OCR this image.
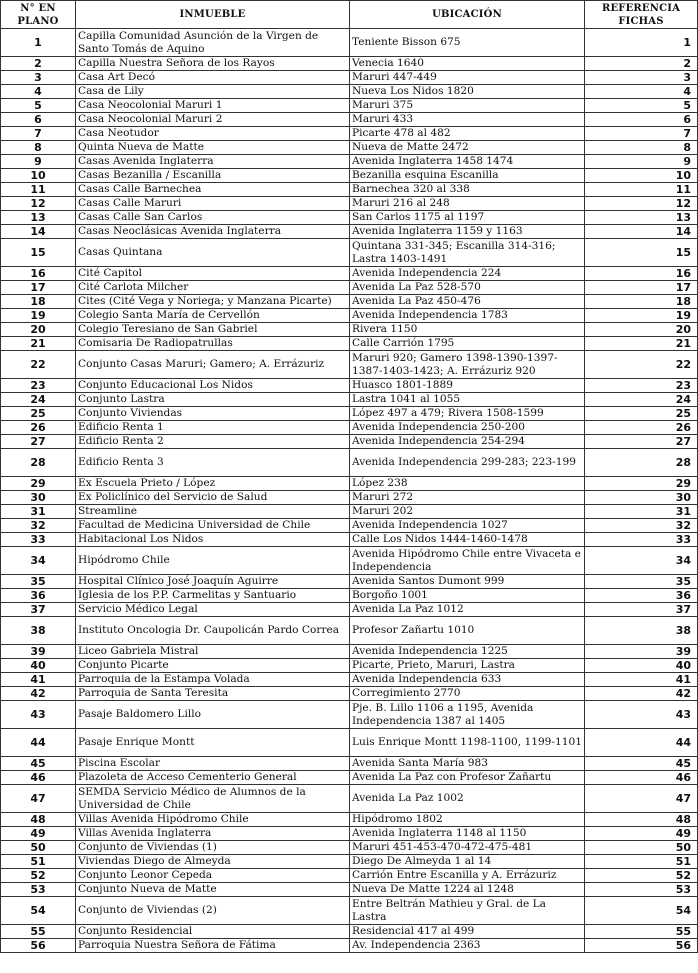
N° EN PLANO	INMUEBLE	UBICACIÓN	REFERENCIA FICHAS
1	Capilla Comunidad Asunción de la Virgen de Santo Tomás de Aquino	Teniente Bisson 675	1
2	Capilla Nuestra Señora de los Rayos	Venecia 1640	2
3	Casa Art Decó	Maruri 447-449	3
4	Casa de Lily	Nueva Los Nidos 1820	4
5	Casa Neocolonial Maruri 1	Maruri 375	5
6	Casa Neocolonial Maruri 2	Maruri 433	6
7	Casa Neotudor	Picarte 478 al 482	7
8	Quinta Nueva de Matte	Nueva de Matte 2472	8
9	Casas Avenida Inglaterra	Avenida Inglaterra 1458 1474	9
10	Casas Bezanilla / Escanilla	Bezanilla esquina Escanilla	10
11	Casas Calle Barnechea	Barnechea 320 al 338	11
12	Casas Calle Maruri	Maruri 216 al 248	12
13	Casas Calle San Carlos	San Carlos 1175 al 1197	13
14	Casas Neoclásicas Avenida Inglaterra	Avenida Inglaterra 1159 y 1163	14
15	Casas Quintana	Quintana 331-345; Escanilla 314-316; Lastra 1403-1491	15
16	Cité Capitol	Avenida Independencia 224	16
17	Cité Carlota Milcher	Avenida La Paz 528-570	17
18	Cites (Cité Vega y Noriega; y Manzana Picarte)	Avenida La Paz 450-476	18
19	Colegio Santa María de Cervellón	Avenida Independencia 1783	19
20	Colegio Teresiano de San Gabriel	Rivera 1150	20
21	Comisaria De Radiopatrullas	Calle Carrión 1795	21
22	Conjunto Casas Maruri; Gamero; A. Errázuriz	Maruri 920; Gamero 1398-1390-1397-1387-1403-1423; A. Errázuriz 920	22
23	Conjunto Educacional Los Nidos	Huasco 1801-1889	23
24	Conjunto Lastra	Lastra 1041 al 1055	24
25	Conjunto Viviendas	López 497 a 479; Rivera 1508-1599	25
26	Edificio Renta 1	Avenida Independencia 250-200	26
27	Edificio Renta 2	Avenida Independencia 254-294	27
28	Edificio Renta 3	Avenida Independencia 299-283; 223-199	28
29	Ex Escuela Prieto / López	López 238	29
30	Ex Policlínico del Servicio de Salud	Maruri 272	30
31	Streamline	Maruri 202	31
32	Facultad de Medicina Universidad de Chile	Avenida Independencia 1027	32
33	Habitacional Los Nidos	Calle Los Nidos 1444-1460-1478	33
34	Hipódromo Chile	Avenida Hipódromo Chile entre Vivaceta e Independencia	34
35	Hospital Clínico José Joaquín Aguirre	Avenida Santos Dumont 999	35
36	Iglesia de los P.P. Carmelitas y Santuario	Borgoño 1001	36
37	Servicio Médico Legal	Avenida La Paz 1012	37
38	Instituto Oncologia Dr. Caupolicán Pardo Correa	Profesor Zañartu 1010	38
39	Liceo Gabriela Mistral	Avenida Independencia 1225	39
40	Conjunto Picarte	Picarte, Prieto, Maruri, Lastra	40
41	Parroquia de la Estampa Volada	Avenida Independencia 633	41
42	Parroquia de Santa Teresita	Corregimiento 2770	42
43	Pasaje Baldomero Lillo	Pje. B. Lillo 1106 a 1195, Avenida Independencia 1387 al 1405	43
44	Pasaje Enrique Montt	Luis Enrique Montt 1198-1100, 1199-1101	44
45	Piscina Escolar	Avenida Santa María 983	45
46	Plazoleta de Acceso Cementerio General	Avenida La Paz con Profesor Zañartu	46
47	SEMDA Servicio Médico de Alumnos de la Universidad de Chile	Avenida La Paz 1002	47
48	Villas Avenida Hipódromo Chile	Hipódromo 1802	48
49	Villas Avenida Inglaterra	Avenida Inglaterra 1148 al 1150	49
50	Conjunto de Viviendas (1)	Maruri 451-453-470-472-475-481	50
51	Viviendas Diego de Almeyda	Diego De Almeyda 1 al 14	51
52	Conjunto Leonor Cepeda	Carrión Entre Escanilla y A. Errázuriz	52
53	Conjunto Nueva de Matte	Nueva De Matte 1224 al 1248	53
54	Conjunto de Viviendas (2)	Entre Beltrán Mathieu y Gral. de La Lastra	54
55	Conjunto Residencial	Residencial 417 al 499	55
56	Parroquia Nuestra Señora de Fátima	Av. Independencia 2363	56
